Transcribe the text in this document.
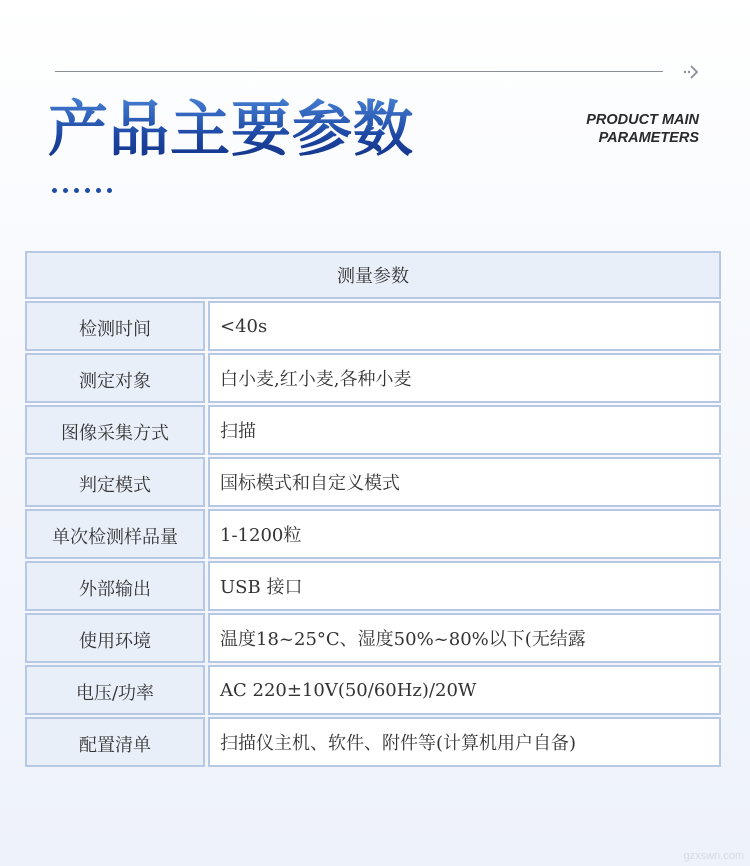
产品主要参数	PRODUCT MAIN
PARAMETERS
测量参数
检测时间	<40s
测定对象	白小麦,红小麦,各种小麦
图像采集方式	扫描
判定模式	国标模式和自定义模式
单次检测样品量	1-1200粒
外部输出	USB 接口
使用环境	温度18~25°C、湿度50%~80%以下(无结露
电压/功率	AC 220±10V(50/60Hz)/20W
配置清单	扫描仪主机、软件、附件等(计算机用户自备)
gzxswn.com
